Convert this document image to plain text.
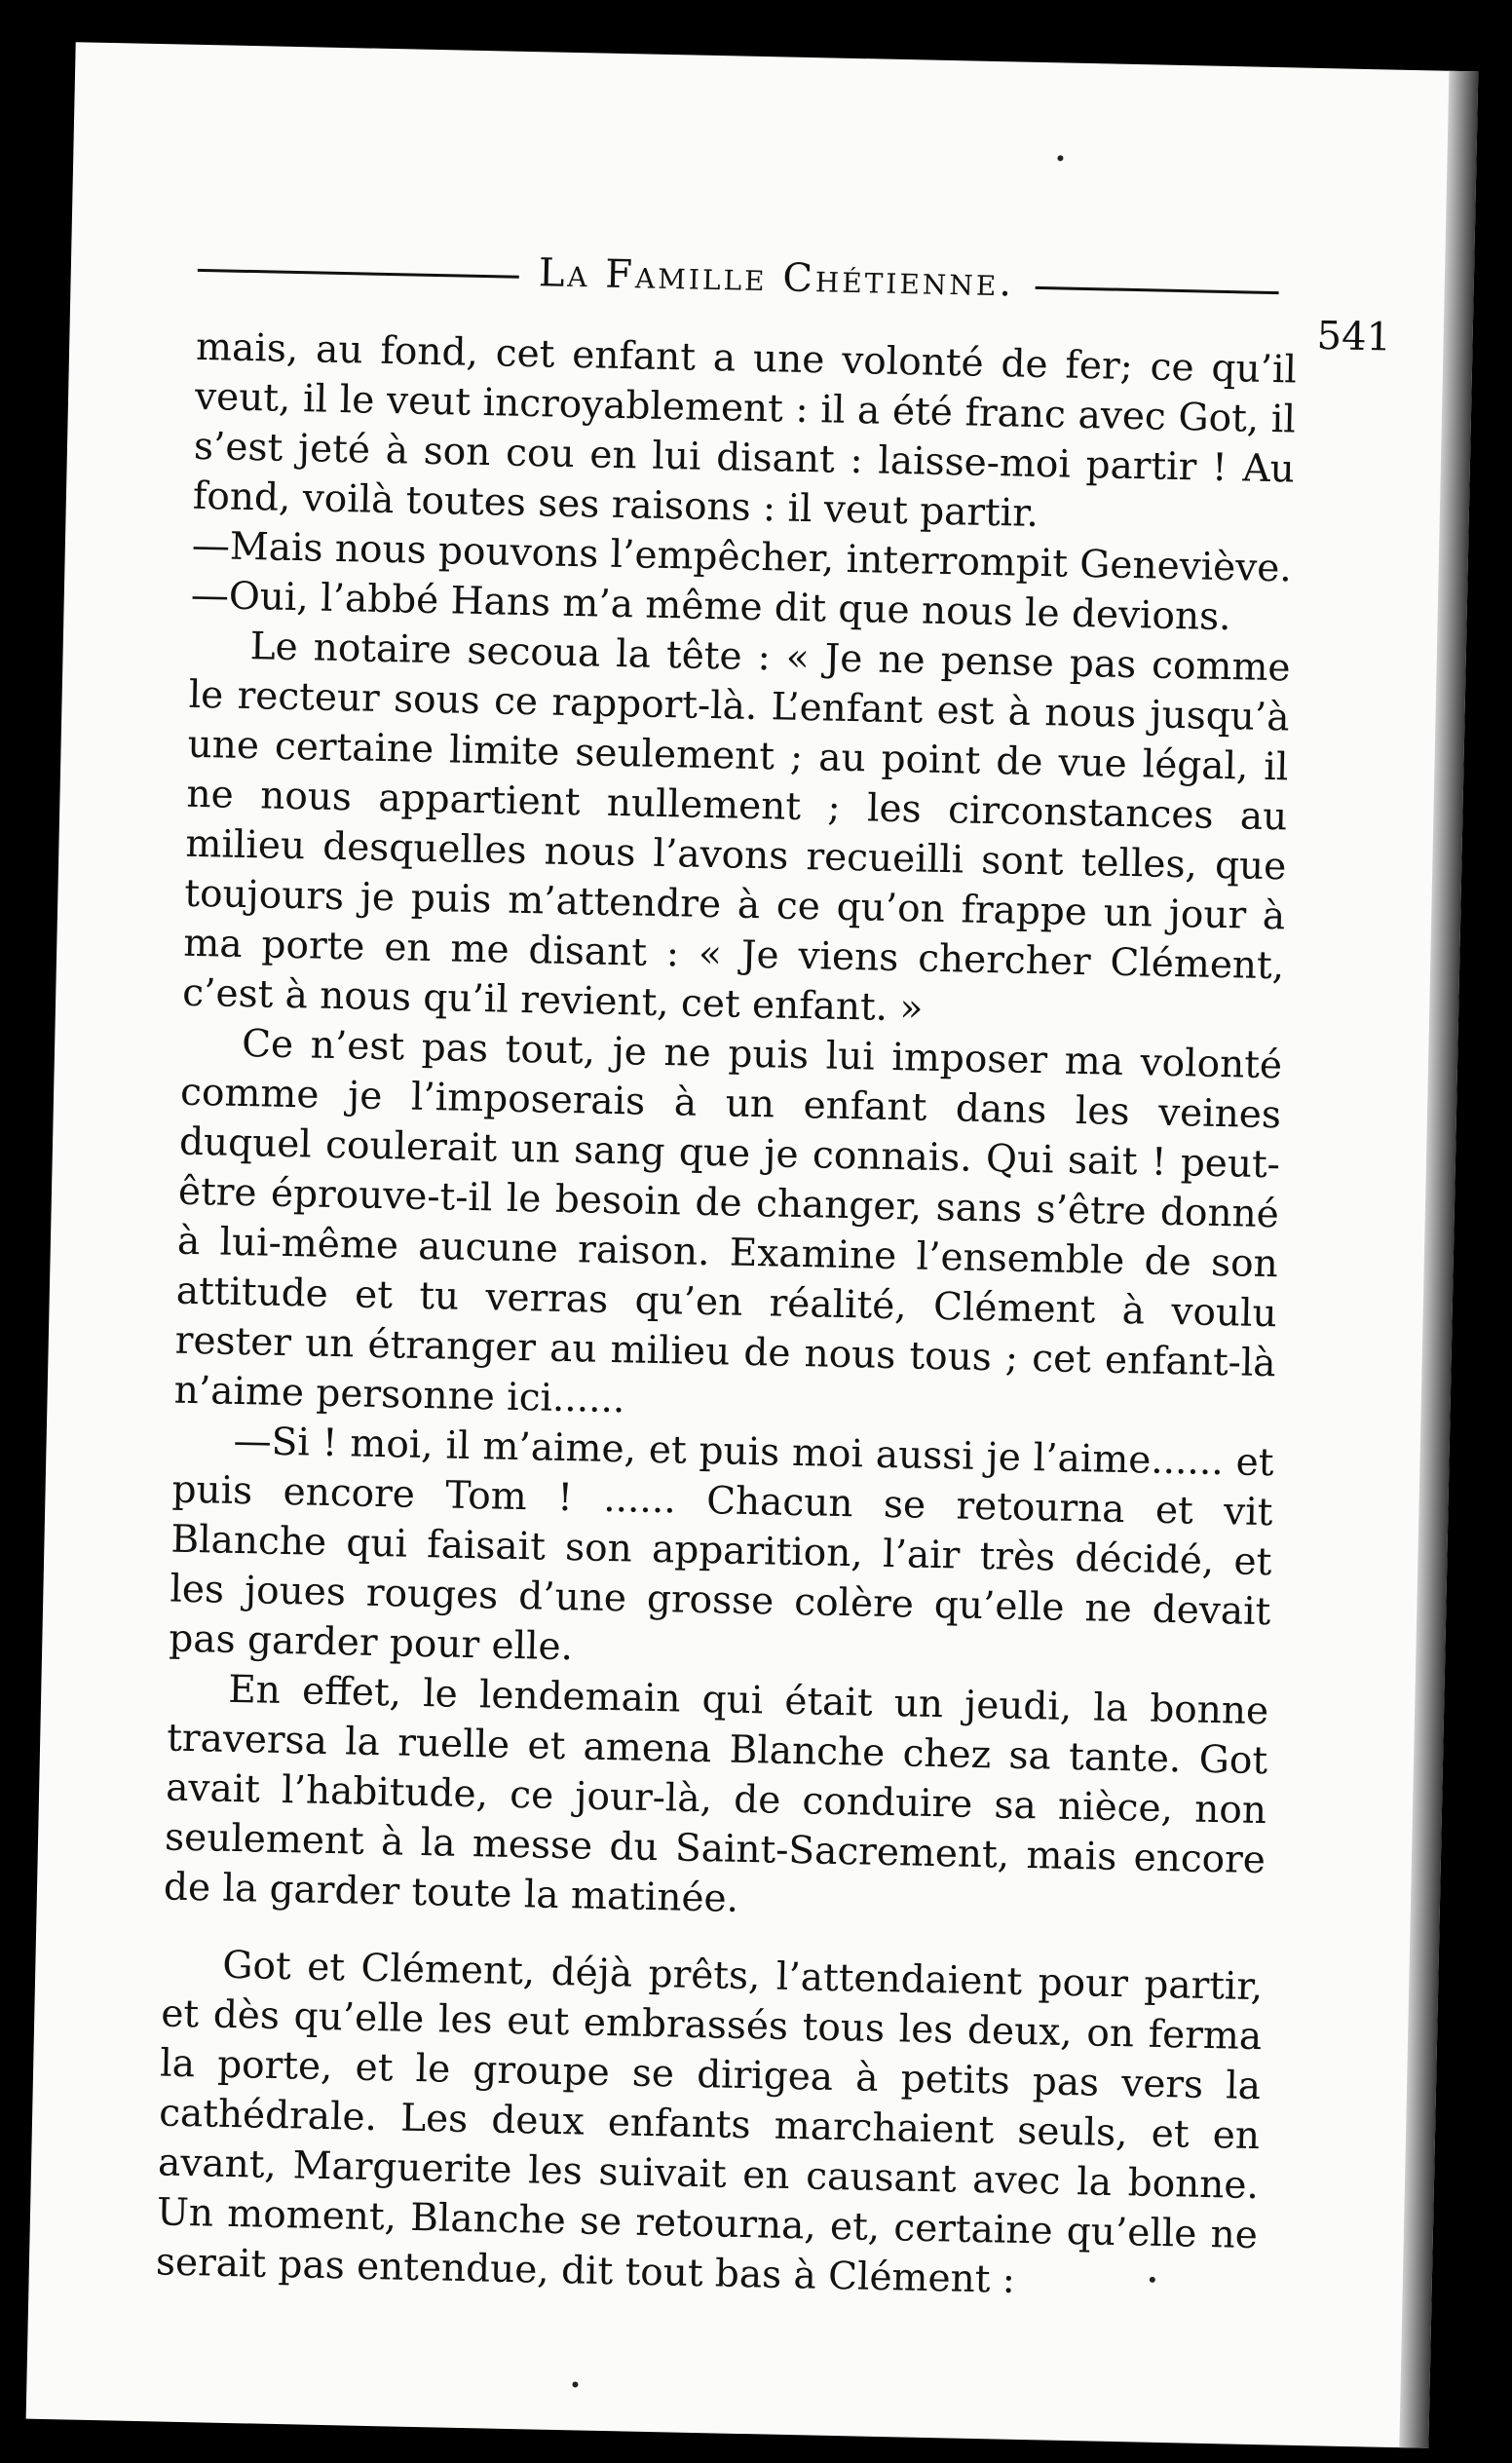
La Famille Chétienne.
541

mais, au fond, cet enfant a une volonté de fer; ce qu’il veut, il le veut incroyablement : il a été franc avec Got, il s’est jeté à son cou en lui disant : laisse-moi partir ! Au fond, voilà toutes ses raisons : il veut partir.

—Mais nous pouvons l’empêcher, interrompit Geneviève.

—Oui, l’abbé Hans m’a même dit que nous le devions.

Le notaire secoua la tête : « Je ne pense pas comme le recteur sous ce rapport-là. L’enfant est à nous jusqu’à une certaine limite seulement ; au point de vue légal, il ne nous appartient nullement ; les circonstances au milieu desquelles nous l’avons recueilli sont telles, que toujours je puis m’attendre à ce qu’on frappe un jour à ma porte en me disant : « Je viens chercher Clément, c’est à nous qu’il revient, cet enfant. »

Ce n’est pas tout, je ne puis lui imposer ma volonté comme je l’imposerais à un enfant dans les veines duquel coulerait un sang que je connais. Qui sait ! peut-être éprouve-t-il le besoin de changer, sans s’être donné à lui-même aucune raison. Examine l’ensemble de son attitude et tu verras qu’en réalité, Clément à voulu rester un étranger au milieu de nous tous ; cet enfant-là n’aime personne ici......

—Si ! moi, il m’aime, et puis moi aussi je l’aime...... et puis encore Tom ! ...... Chacun se retourna et vit Blanche qui faisait son apparition, l’air très décidé, et les joues rouges d’une grosse colère qu’elle ne devait pas garder pour elle.

En effet, le lendemain qui était un jeudi, la bonne traversa la ruelle et amena Blanche chez sa tante. Got avait l’habitude, ce jour-là, de conduire sa nièce, non seulement à la messe du Saint-Sacrement, mais encore de la garder toute la matinée.

Got et Clément, déjà prêts, l’attendaient pour partir, et dès qu’elle les eut embrassés tous les deux, on ferma la porte, et le groupe se dirigea à petits pas vers la cathédrale. Les deux enfants marchaient seuls, et en avant, Marguerite les suivait en causant avec la bonne. Un moment, Blanche se retourna, et, certaine qu’elle ne serait pas entendue, dit tout bas à Clément :
